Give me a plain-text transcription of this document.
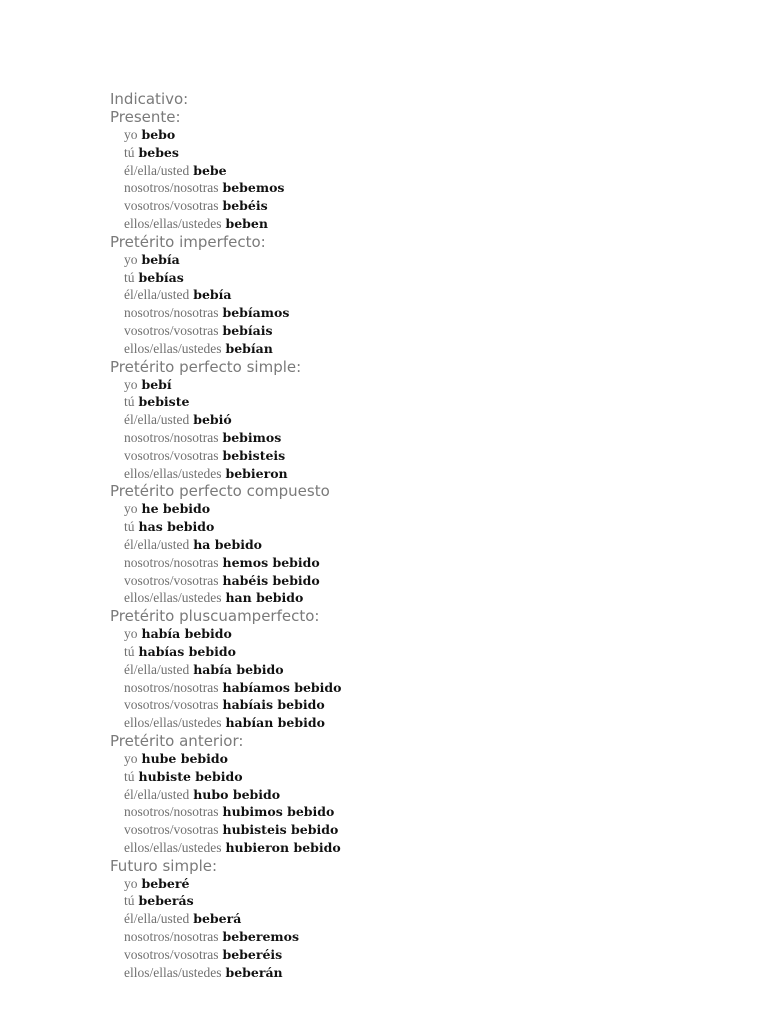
Indicativo:
Presente:
yo bebo
tú bebes
él/ella/usted bebe
nosotros/nosotras bebemos
vosotros/vosotras bebéis
ellos/ellas/ustedes beben
Pretérito imperfecto:
yo bebía
tú bebías
él/ella/usted bebía
nosotros/nosotras bebíamos
vosotros/vosotras bebíais
ellos/ellas/ustedes bebían
Pretérito perfecto simple:
yo bebí
tú bebiste
él/ella/usted bebió
nosotros/nosotras bebimos
vosotros/vosotras bebisteis
ellos/ellas/ustedes bebieron
Pretérito perfecto compuesto
yo he bebido
tú has bebido
él/ella/usted ha bebido
nosotros/nosotras hemos bebido
vosotros/vosotras habéis bebido
ellos/ellas/ustedes han bebido
Pretérito pluscuamperfecto:
yo había bebido
tú habías bebido
él/ella/usted había bebido
nosotros/nosotras habíamos bebido
vosotros/vosotras habíais bebido
ellos/ellas/ustedes habían bebido
Pretérito anterior:
yo hube bebido
tú hubiste bebido
él/ella/usted hubo bebido
nosotros/nosotras hubimos bebido
vosotros/vosotras hubisteis bebido
ellos/ellas/ustedes hubieron bebido
Futuro simple:
yo beberé
tú beberás
él/ella/usted beberá
nosotros/nosotras beberemos
vosotros/vosotras beberéis
ellos/ellas/ustedes beberán
